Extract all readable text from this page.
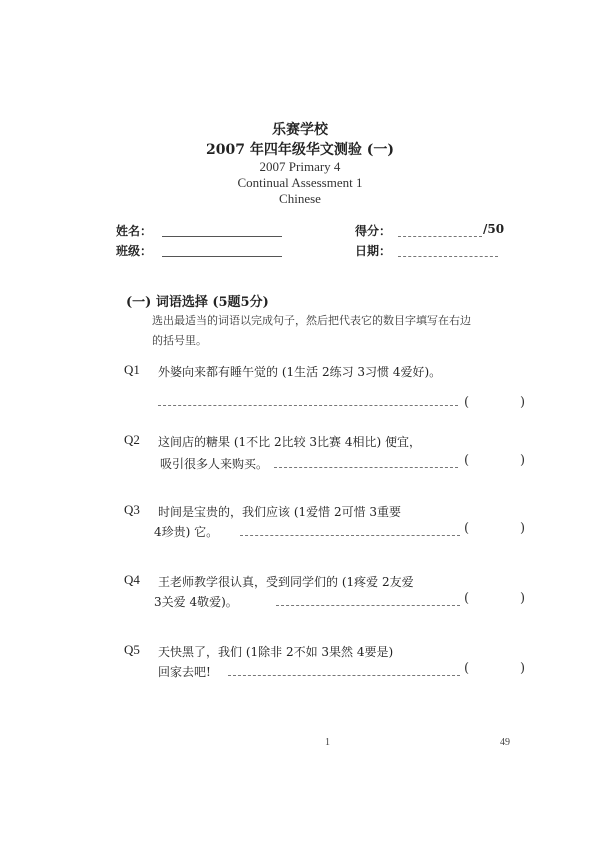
乐赛学校
2007 年四年级华文测验 (一)
2007 Primary 4
Continual Assessment 1
Chinese
姓名：	得分：	/50
班级：	日期：
(一) 词语选择 (5题5分)
选出最适当的词语以完成句子，然后把代表它的数目字填写在右边
的括号里。
Q1 外婆向来都有睡午觉的 (1生活 2练习 3习惯 4爱好)。
(	)
Q2 这间店的糖果 (1不比 2比较 3比赛 4相比) 便宜，
吸引很多人来购买。	(	)
Q3 时间是宝贵的，我们应该 (1爱惜 2可惜 3重要
4珍贵) 它。	(	)
Q4 王老师教学很认真，受到同学们的 (1疼爱 2友爱
3关爱 4敬爱)。	(	)
Q5 天快黑了，我们 (1除非 2不如 3果然 4要是)
回家去吧!	(	)
1	49
